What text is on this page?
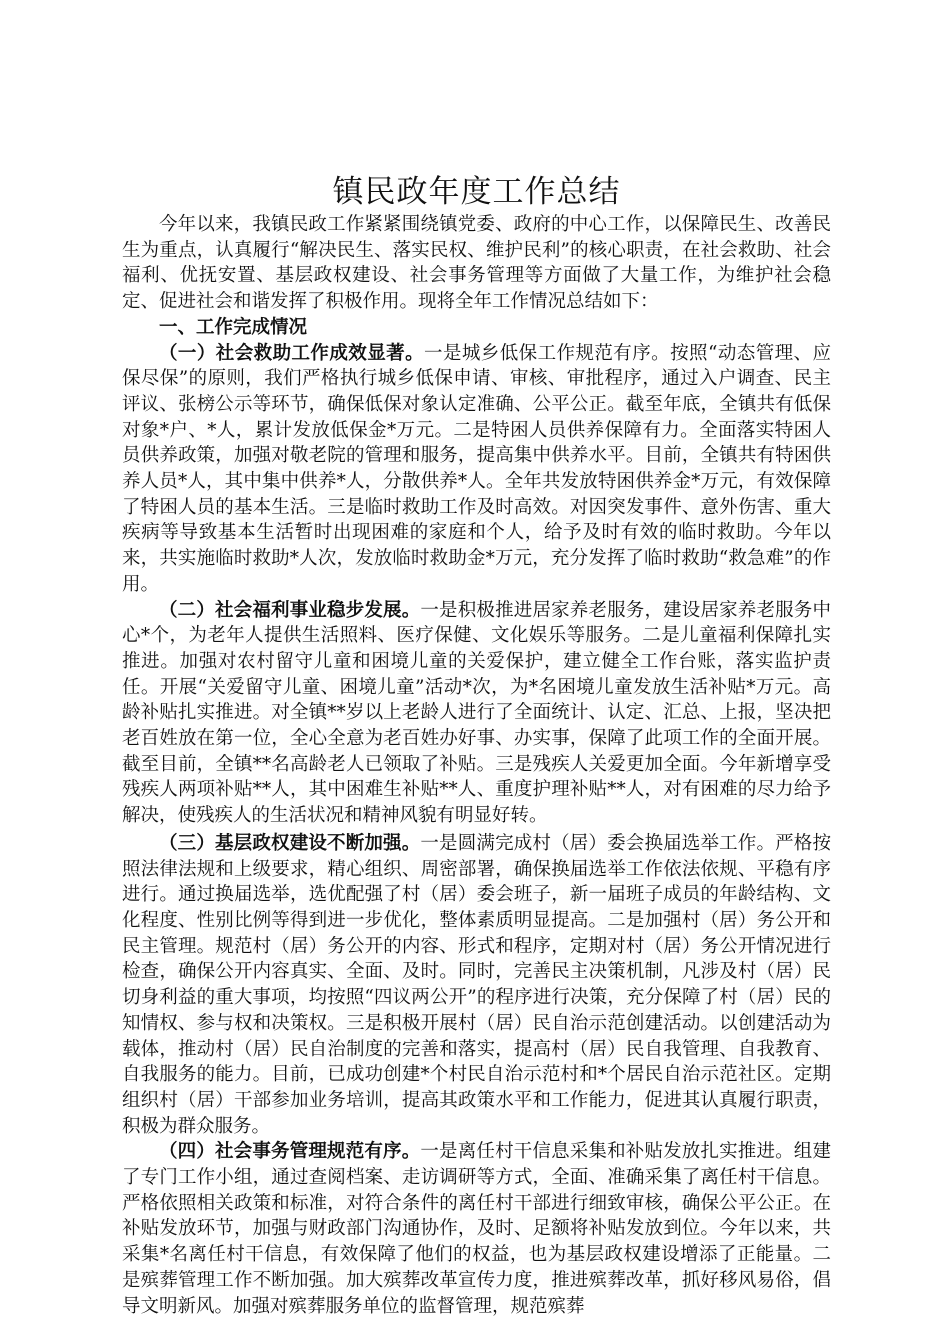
镇民政年度工作总结

今年以来，我镇民政工作紧紧围绕镇党委、政府的中心工作，以保障民生、改善民生为重点，认真履行“解决民生、落实民权、维护民利”的核心职责，在社会救助、社会福利、优抚安置、基层政权建设、社会事务管理等方面做了大量工作，为维护社会稳定、促进社会和谐发挥了积极作用。现将全年工作情况总结如下：

一、工作完成情况

（一）社会救助工作成效显著。一是城乡低保工作规范有序。按照“动态管理、应保尽保”的原则，我们严格执行城乡低保申请、审核、审批程序，通过入户调查、民主评议、张榜公示等环节，确保低保对象认定准确、公平公正。截至年底，全镇共有低保对象*户、*人，累计发放低保金*万元。二是特困人员供养保障有力。全面落实特困人员供养政策，加强对敬老院的管理和服务，提高集中供养水平。目前，全镇共有特困供养人员*人，其中集中供养*人，分散供养*人。全年共发放特困供养金*万元，有效保障了特困人员的基本生活。三是临时救助工作及时高效。对因突发事件、意外伤害、重大疾病等导致基本生活暂时出现困难的家庭和个人，给予及时有效的临时救助。今年以来，共实施临时救助*人次，发放临时救助金*万元，充分发挥了临时救助“救急难”的作用。

（二）社会福利事业稳步发展。一是积极推进居家养老服务，建设居家养老服务中心*个，为老年人提供生活照料、医疗保健、文化娱乐等服务。二是儿童福利保障扎实推进。加强对农村留守儿童和困境儿童的关爱保护，建立健全工作台账，落实监护责任。开展“关爱留守儿童、困境儿童”活动*次，为*名困境儿童发放生活补贴*万元。高龄补贴扎实推进。对全镇**岁以上老龄人进行了全面统计、认定、汇总、上报，坚决把老百姓放在第一位，全心全意为老百姓办好事、办实事，保障了此项工作的全面开展。截至目前，全镇**名高龄老人已领取了补贴。三是残疾人关爱更加全面。今年新增享受残疾人两项补贴**人，其中困难生补贴**人、重度护理补贴**人，对有困难的尽力给予解决，使残疾人的生活状况和精神风貌有明显好转。

（三）基层政权建设不断加强。一是圆满完成村（居）委会换届选举工作。严格按照法律法规和上级要求，精心组织、周密部署，确保换届选举工作依法依规、平稳有序进行。通过换届选举，选优配强了村（居）委会班子，新一届班子成员的年龄结构、文化程度、性别比例等得到进一步优化，整体素质明显提高。二是加强村（居）务公开和民主管理。规范村（居）务公开的内容、形式和程序，定期对村（居）务公开情况进行检查，确保公开内容真实、全面、及时。同时，完善民主决策机制，凡涉及村（居）民切身利益的重大事项，均按照“四议两公开”的程序进行决策，充分保障了村（居）民的知情权、参与权和决策权。三是积极开展村（居）民自治示范创建活动。以创建活动为载体，推动村（居）民自治制度的完善和落实，提高村（居）民自我管理、自我教育、自我服务的能力。目前，已成功创建*个村民自治示范村和*个居民自治示范社区。定期组织村（居）干部参加业务培训，提高其政策水平和工作能力，促进其认真履行职责，积极为群众服务。

（四）社会事务管理规范有序。一是离任村干信息采集和补贴发放扎实推进。组建了专门工作小组，通过查阅档案、走访调研等方式，全面、准确采集了离任村干信息。严格依照相关政策和标准，对符合条件的离任村干部进行细致审核，确保公平公正。在补贴发放环节，加强与财政部门沟通协作，及时、足额将补贴发放到位。今年以来，共采集*名离任村干信息，有效保障了他们的权益，也为基层政权建设增添了正能量。二是殡葬管理工作不断加强。加大殡葬改革宣传力度，推进殡葬改革，抓好移风易俗，倡导文明新风。加强对殡葬服务单位的监督管理，规范殡葬
